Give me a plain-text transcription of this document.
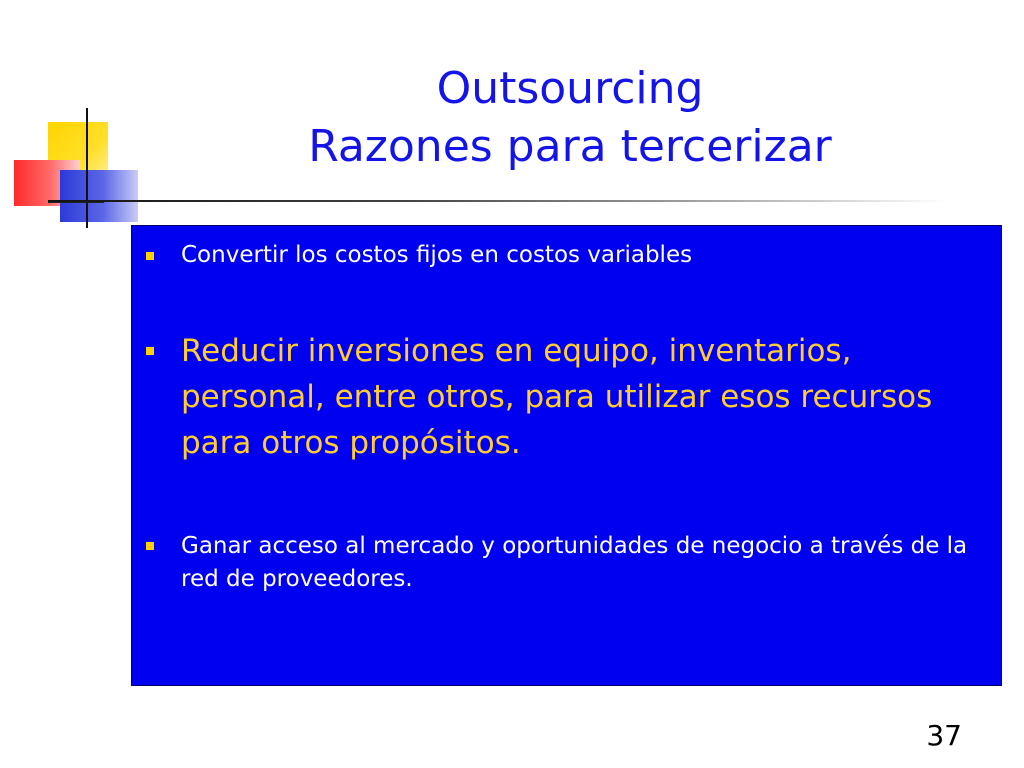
Outsourcing
Razones para tercerizar
Convertir los costos fijos en costos variables
Reducir inversiones en equipo, inventarios, personal, entre otros, para utilizar esos recursos para otros propósitos.
Ganar acceso al mercado y oportunidades de negocio a través de la red de proveedores.
37
